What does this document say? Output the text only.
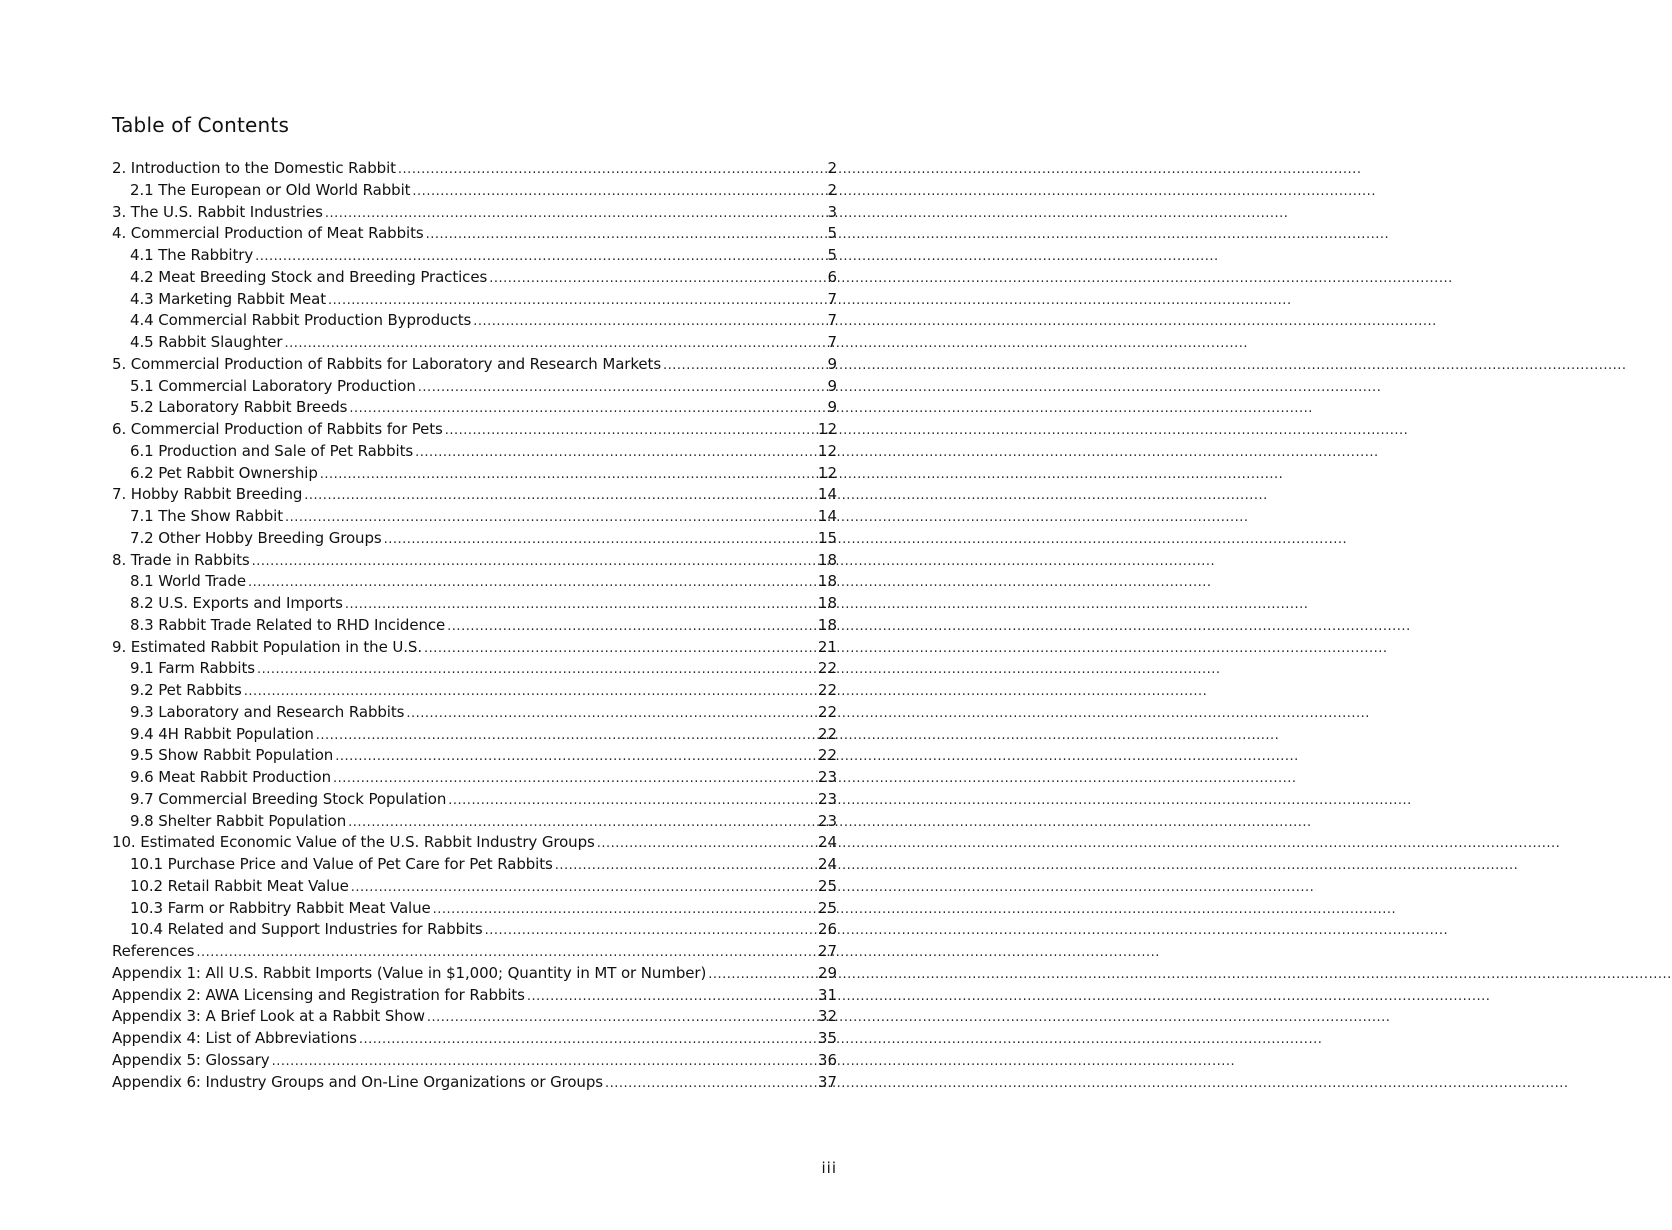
Table of Contents
2. Introduction to the Domestic Rabbit .....	2
2.1 The European or Old World Rabbit .....	2
3. The U.S. Rabbit Industries .....	3
4. Commercial Production of Meat Rabbits .....	5
4.1 The Rabbitry .....	5
4.2 Meat Breeding Stock and Breeding Practices .....	6
4.3 Marketing Rabbit Meat .....	7
4.4 Commercial Rabbit Production Byproducts .....	7
4.5 Rabbit Slaughter .....	7
5. Commercial Production of Rabbits for Laboratory and Research Markets .....	9
5.1 Commercial Laboratory Production .....	9
5.2 Laboratory Rabbit Breeds .....	9
6. Commercial Production of Rabbits for Pets .....	12
6.1 Production and Sale of Pet Rabbits .....	12
6.2 Pet Rabbit Ownership .....	12
7. Hobby Rabbit Breeding .....	14
7.1 The Show Rabbit .....	14
7.2 Other Hobby Breeding Groups .....	15
8. Trade in Rabbits .....	18
8.1 World Trade .....	18
8.2 U.S. Exports and Imports .....	18
8.3 Rabbit Trade Related to RHD Incidence .....	18
9. Estimated Rabbit Population in the U.S. .....	21
9.1 Farm Rabbits .....	22
9.2 Pet Rabbits .....	22
9.3 Laboratory and Research Rabbits .....	22
9.4 4H Rabbit Population .....	22
9.5 Show Rabbit Population .....	22
9.6 Meat Rabbit Production .....	23
9.7 Commercial Breeding Stock Population .....	23
9.8 Shelter Rabbit Population .....	23
10. Estimated Economic Value of the U.S. Rabbit Industry Groups .....	24
10.1 Purchase Price and Value of Pet Care for Pet Rabbits .....	24
10.2 Retail Rabbit Meat Value .....	25
10.3 Farm or Rabbitry Rabbit Meat Value .....	25
10.4 Related and Support Industries for Rabbits .....	26
References .....	27
Appendix 1: All U.S. Rabbit Imports (Value in $1,000; Quantity in MT or Number) .....	29
Appendix 2: AWA Licensing and Registration for Rabbits .....	31
Appendix 3: A Brief Look at a Rabbit Show .....	32
Appendix 4: List of Abbreviations .....	35
Appendix 5: Glossary .....	36
Appendix 6: Industry Groups and On-Line Organizations or Groups .....	37
iii
